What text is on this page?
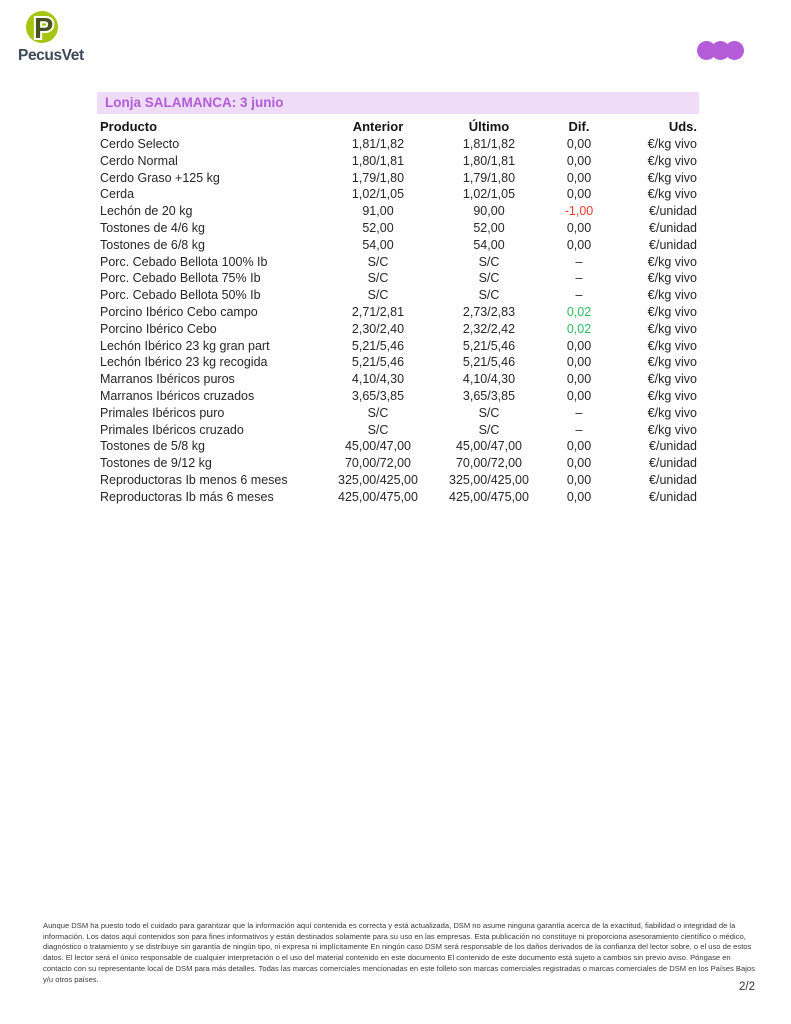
P
PecusVet
Lonja SALAMANCA: 3 junio
Producto	Anterior	Último	Dif.	Uds.
Cerdo Selecto	1,81/1,82	1,81/1,82	0,00	€/kg vivo
Cerdo Normal	1,80/1,81	1,80/1,81	0,00	€/kg vivo
Cerdo Graso +125 kg	1,79/1,80	1,79/1,80	0,00	€/kg vivo
Cerda	1,02/1,05	1,02/1,05	0,00	€/kg vivo
Lechón de 20 kg	91,00	90,00	-1,00	€/unidad
Tostones de 4/6 kg	52,00	52,00	0,00	€/unidad
Tostones de 6/8 kg	54,00	54,00	0,00	€/unidad
Porc. Cebado Bellota 100% Ib	S/C	S/C	–	€/kg vivo
Porc. Cebado Bellota 75% Ib	S/C	S/C	–	€/kg vivo
Porc. Cebado Bellota 50% Ib	S/C	S/C	–	€/kg vivo
Porcino Ibérico Cebo campo	2,71/2,81	2,73/2,83	0,02	€/kg vivo
Porcino Ibérico Cebo	2,30/2,40	2,32/2,42	0,02	€/kg vivo
Lechón Ibérico 23 kg gran part	5,21/5,46	5,21/5,46	0,00	€/kg vivo
Lechón Ibérico 23 kg recogida	5,21/5,46	5,21/5,46	0,00	€/kg vivo
Marranos Ibéricos puros	4,10/4,30	4,10/4,30	0,00	€/kg vivo
Marranos Ibéricos cruzados	3,65/3,85	3,65/3,85	0,00	€/kg vivo
Primales Ibéricos puro	S/C	S/C	–	€/kg vivo
Primales Ibéricos cruzado	S/C	S/C	–	€/kg vivo
Tostones de 5/8 kg	45,00/47,00	45,00/47,00	0,00	€/unidad
Tostones de 9/12 kg	70,00/72,00	70,00/72,00	0,00	€/unidad
Reproductoras Ib menos 6 meses	325,00/425,00	325,00/425,00	0,00	€/unidad
Reproductoras Ib más 6 meses	425,00/475,00	425,00/475,00	0,00	€/unidad
Aunque DSM ha puesto todo el cuidado para garantizar que la información aquí contenida es correcta y está actualizada, DSM no asume ninguna garantía acerca de la exactitud, fiabilidad o integridad de la información. Los datos aquí contenidos son para fines informativos y están destinados solamente para su uso en las empresas. Esta publicación no constituye ni proporciona asesoramiento científico o médico, diagnóstico o tratamiento y se distribuye sin garantía de ningún tipo, ni expresa ni implícitamente En ningún caso DSM será responsable de los daños derivados de la confianza del lector sobre, o el uso de estos datos. El lector será el único responsable de cualquier interpretación o el uso del material contenido en este documento El contenido de este documento está sujeto a cambios sin previo aviso. Póngase en contacto con su representante local de DSM para más detalles. Todas las marcas comerciales mencionadas en este folleto son marcas comerciales registradas o marcas comerciales de DSM en los Países Bajos y/u otros países.
2/2
